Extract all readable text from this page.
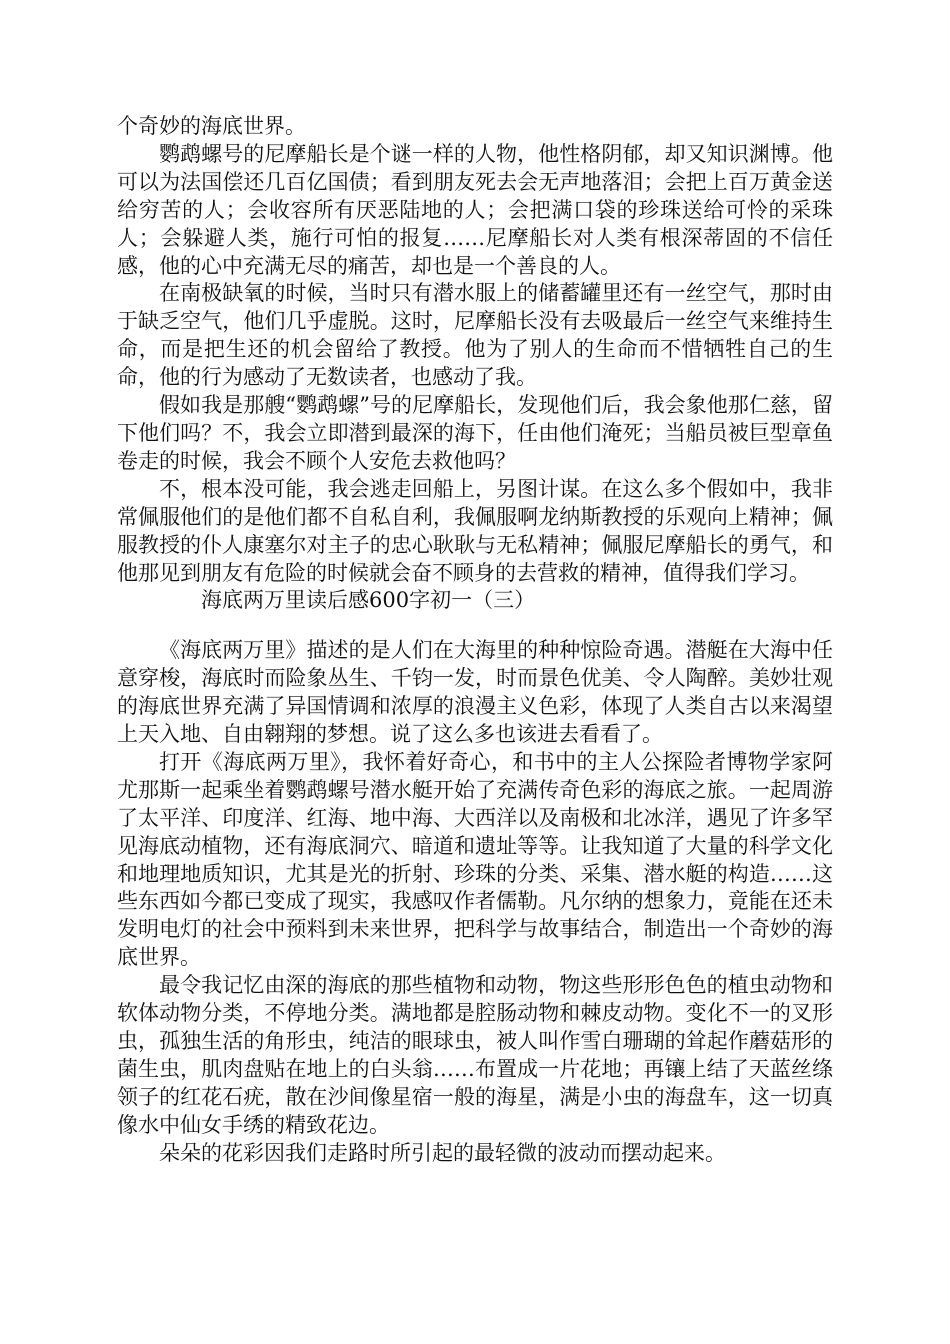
个奇妙的海底世界。

鹦鹉螺号的尼摩船长是个谜一样的人物，他性格阴郁，却又知识渊博。他可以为法国偿还几百亿国债；看到朋友死去会无声地落泪；会把上百万黄金送给穷苦的人；会收容所有厌恶陆地的人；会把满口袋的珍珠送给可怜的采珠人；会躲避人类，施行可怕的报复……尼摩船长对人类有根深蒂固的不信任感，他的心中充满无尽的痛苦，却也是一个善良的人。

在南极缺氧的时候，当时只有潜水服上的储蓄罐里还有一丝空气，那时由于缺乏空气，他们几乎虚脱。这时，尼摩船长没有去吸最后一丝空气来维持生命，而是把生还的机会留给了教授。他为了别人的生命而不惜牺牲自己的生命，他的行为感动了无数读者，也感动了我。

假如我是那艘“鹦鹉螺”号的尼摩船长，发现他们后，我会象他那仁慈，留下他们吗？不，我会立即潜到最深的海下，任由他们淹死；当船员被巨型章鱼卷走的时候，我会不顾个人安危去救他吗？

不，根本没可能，我会逃走回船上，另图计谋。在这么多个假如中，我非常佩服他们的是他们都不自私自利，我佩服啊龙纳斯教授的乐观向上精神；佩服教授的仆人康塞尔对主子的忠心耿耿与无私精神；佩服尼摩船长的勇气，和他那见到朋友有危险的时候就会奋不顾身的去营救的精神，值得我们学习。

海底两万里读后感600字初一（三）

《海底两万里》描述的是人们在大海里的种种惊险奇遇。潜艇在大海中任意穿梭，海底时而险象丛生、千钧一发，时而景色优美、令人陶醉。美妙壮观的海底世界充满了异国情调和浓厚的浪漫主义色彩，体现了人类自古以来渴望上天入地、自由翱翔的梦想。说了这么多也该进去看看了。

打开《海底两万里》，我怀着好奇心，和书中的主人公探险者博物学家阿尤那斯一起乘坐着鹦鹉螺号潜水艇开始了充满传奇色彩的海底之旅。一起周游了太平洋、印度洋、红海、地中海、大西洋以及南极和北冰洋，遇见了许多罕见海底动植物，还有海底洞穴、暗道和遗址等等。让我知道了大量的科学文化和地理地质知识，尤其是光的折射、珍珠的分类、采集、潜水艇的构造……这些东西如今都已变成了现实，我感叹作者儒勒。凡尔纳的想象力，竟能在还未发明电灯的社会中预料到未来世界，把科学与故事结合，制造出一个奇妙的海底世界。

最令我记忆由深的海底的那些植物和动物，物这些形形色色的植虫动物和软体动物分类，不停地分类。满地都是腔肠动物和棘皮动物。变化不一的叉形虫，孤独生活的角形虫，纯洁的眼球虫，被人叫作雪白珊瑚的耸起作蘑菇形的菌生虫，肌肉盘贴在地上的白头翁……布置成一片花地；再镶上结了天蓝丝绦领子的红花石疣，散在沙间像星宿一般的海星，满是小虫的海盘车，这一切真像水中仙女手绣的精致花边。

朵朵的花彩因我们走路时所引起的最轻微的波动而摆动起来。
